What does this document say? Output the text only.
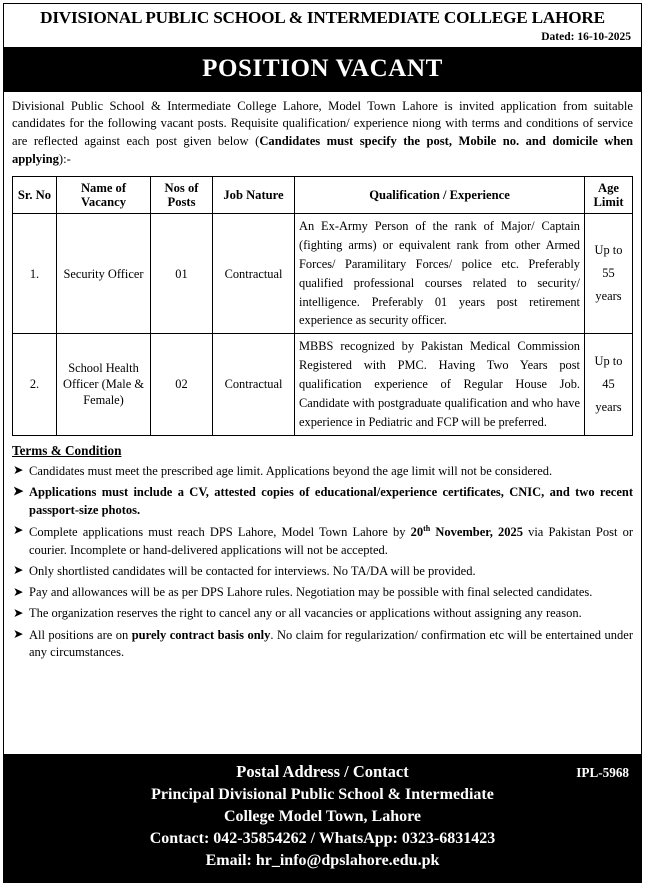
DIVISIONAL PUBLIC SCHOOL & INTERMEDIATE COLLEGE LAHORE
Dated: 16-10-2025
POSITION VACANT

Divisional Public School & Intermediate College Lahore, Model Town Lahore is invited application from suitable candidates for the following vacant posts. Requisite qualification/ experience niong with terms and conditions of service are reflected against each post given below (Candidates must specify the post, Mobile no. and domicile when applying):-

Sr. No	Name of Vacancy	Nos of Posts	Job Nature	Qualification / Experience	Age Limit
1.	Security Officer	01	Contractual	An Ex-Army Person of the rank of Major/ Captain (fighting arms) or equivalent rank from other Armed Forces/ Paramilitary Forces/ police etc. Preferably qualified professional courses related to security/ intelligence. Preferably 01 years post retirement experience as security officer.	Up to 55 years
2.	School Health Officer (Male & Female)	02	Contractual	MBBS recognized by Pakistan Medical Commission Registered with PMC. Having Two Years post qualification experience of Regular House Job. Candidate with postgraduate qualification and who have experience in Pediatric and FCP will be preferred.	Up to 45 years
Terms & Condition
➤ Candidates must meet the prescribed age limit. Applications beyond the age limit will not be considered.
➤ Applications must include a CV, attested copies of educational/experience certificates, CNIC, and two recent passport-size photos.
➤ Complete applications must reach DPS Lahore, Model Town Lahore by 20th November, 2025 via Pakistan Post or courier. Incomplete or hand-delivered applications will not be accepted.
➤ Only shortlisted candidates will be contacted for interviews. No TA/DA will be provided.
➤ Pay and allowances will be as per DPS Lahore rules. Negotiation may be possible with final selected candidates.
➤ The organization reserves the right to cancel any or all vacancies or applications without assigning any reason.
➤ All positions are on purely contract basis only. No claim for regularization/ confirmation etc will be entertained under any circumstances.
Postal Address / Contact	IPL-5968
Principal Divisional Public School & Intermediate
College Model Town, Lahore
Contact: 042-35854262 / WhatsApp: 0323-6831423
Email: hr_info@dpslahore.edu.pk
